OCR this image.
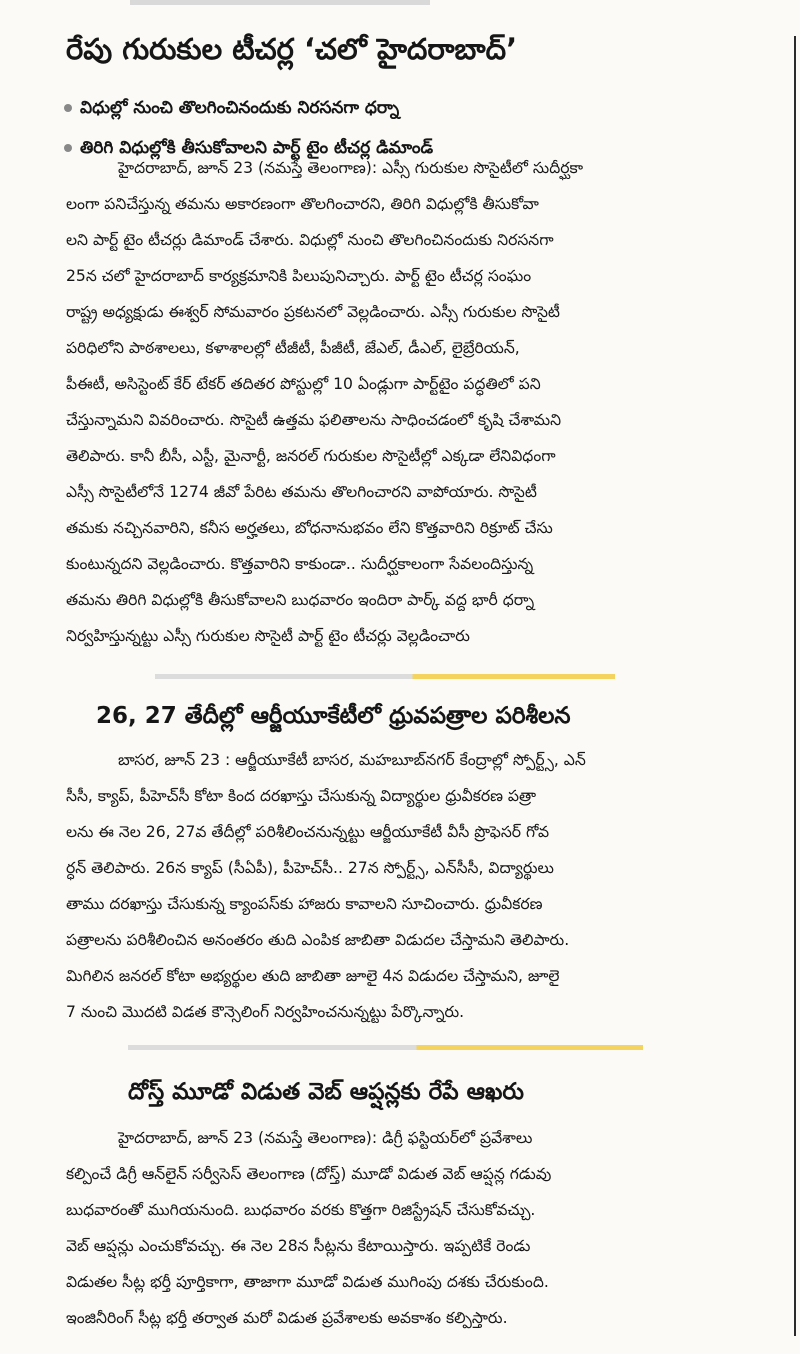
రేపు గురుకుల టీచర్ల ‘చలో హైదరాబాద్’
విధుల్లో నుంచి తొలగించినందుకు నిరసనగా ధర్నా
తిరిగి విధుల్లోకి తీసుకోవాలని పార్ట్ టైం టీచర్ల డిమాండ్
హైదరాబాద్, జూన్ 23 (నమస్తే తెలంగాణ): ఎస్సీ గురుకుల సొసైటీలో సుదీర్ఘకా
లంగా పనిచేస్తున్న తమను అకారణంగా తొలగించారని, తిరిగి విధుల్లోకి తీసుకోవా
లని పార్ట్ టైం టీచర్లు డిమాండ్ చేశారు. విధుల్లో నుంచి తొలగించినందుకు నిరసనగా
25న చలో హైదరాబాద్ కార్యక్రమానికి పిలుపునిచ్చారు. పార్ట్ టైం టీచర్ల సంఘం
రాష్ట్ర అధ్యక్షుడు ఈశ్వర్ సోమవారం ప్రకటనలో వెల్లడించారు. ఎస్సీ గురుకుల సొసైటీ
పరిధిలోని పాఠశాలలు, కళాశాలల్లో టీజీటీ, పీజీటీ, జేఎల్, డీఎల్, లైబ్రేరియన్,
పీఈటీ, అసిస్టెంట్ కేర్ టేకర్ తదితర పోస్టుల్లో 10 ఏండ్లుగా పార్ట్‌టైం పద్ధతిలో పని
చేస్తున్నామని వివరించారు. సొసైటీ ఉత్తమ ఫలితాలను సాధించడంలో కృషి చేశామని
తెలిపారు. కానీ బీసీ, ఎస్టీ, మైనార్టీ, జనరల్ గురుకుల సొసైటీల్లో ఎక్కడా లేనివిధంగా
ఎస్సీ సొసైటీలోనే 1274 జీవో పేరిట తమను తొలగించారని వాపోయారు. సొసైటీ
తమకు నచ్చినవారిని, కనీస అర్హతలు, బోధనానుభవం లేని కొత్తవారిని రిక్రూట్ చేసు
కుంటున్నదని వెల్లడించారు. కొత్తవారిని కాకుండా.. సుదీర్ఘకాలంగా సేవలందిస్తున్న
తమను తిరిగి విధుల్లోకి తీసుకోవాలని బుధవారం ఇందిరా పార్క్ వద్ద భారీ ధర్నా
నిర్వహిస్తున్నట్టు ఎస్సీ గురుకుల సొసైటీ పార్ట్ టైం టీచర్లు వెల్లడించారు
26, 27 తేదీల్లో ఆర్జీయూకేటీలో ధ్రువపత్రాల పరిశీలన
బాసర, జూన్ 23 : ఆర్జీయూకేటీ బాసర, మహబూబ్‌నగర్ కేంద్రాల్లో స్పోర్ట్స్, ఎన్
సీసీ, క్యాప్, పీహెచ్‌సీ కోటా కింద దరఖాస్తు చేసుకున్న విద్యార్థుల ధ్రువీకరణ పత్రా
లను ఈ నెల 26, 27వ తేదీల్లో పరిశీలించనున్నట్టు ఆర్జీయూకేటీ వీసీ ప్రొఫెసర్ గోవ
ర్ధన్ తెలిపారు. 26న క్యాప్ (సీఏపీ), పీహెచ్‌సీ.. 27న స్పోర్ట్స్, ఎన్‌సీసీ, విద్యార్థులు
తాము దరఖాస్తు చేసుకున్న క్యాంపస్‌కు హాజరు కావాలని సూచించారు. ధ్రువీకరణ
పత్రాలను పరిశీలించిన అనంతరం తుది ఎంపిక జాబితా విడుదల చేస్తామని తెలిపారు.
మిగిలిన జనరల్ కోటా అభ్యర్థుల తుది జాబితా జూలై 4న విడుదల చేస్తామని, జూలై
7 నుంచి మొదటి విడత కౌన్సెలింగ్ నిర్వహించనున్నట్టు పేర్కొన్నారు.
దోస్త్ మూడో విడుత వెబ్ ఆప్షన్లకు రేపే ఆఖరు
హైదరాబాద్, జూన్ 23 (నమస్తే తెలంగాణ): డిగ్రీ ఫస్టియర్‌లో ప్రవేశాలు
కల్పించే డిగ్రీ ఆన్‌లైన్ సర్వీసెస్ తెలంగాణ (దోస్త్) మూడో విడుత వెబ్ ఆప్షన్ల గడువు
బుధవారంతో ముగియనుంది. బుధవారం వరకు కొత్తగా రిజిస్ట్రేషన్ చేసుకోవచ్చు.
వెబ్ ఆప్షన్లు ఎంచుకోవచ్చు. ఈ నెల 28న సీట్లను కేటాయిస్తారు. ఇప్పటికే రెండు
విడుతల సీట్ల భర్తీ పూర్తికాగా, తాజాగా మూడో విడుత ముగింపు దశకు చేరుకుంది.
ఇంజినీరింగ్ సీట్ల భర్తీ తర్వాత మరో విడుత ప్రవేశాలకు అవకాశం కల్పిస్తారు.
